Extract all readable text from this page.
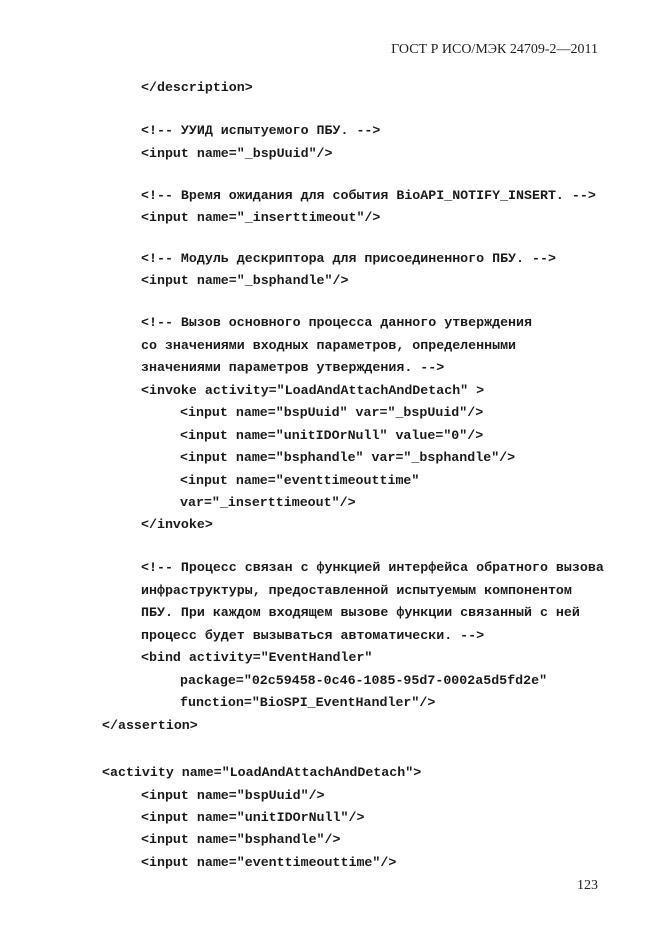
ГОСТ Р ИСО/МЭК 24709-2—2011
</description>
<!-- УУИД испытуемого ПБУ. -->
<input name="_bspUuid"/>
<!-- Время ожидания для события BioAPI_NOTIFY_INSERT. -->
<input name="_inserttimeout"/>
<!-- Модуль дескриптора для присоединенного ПБУ. -->
<input name="_bsphandle"/>
<!-- Вызов основного процесса данного утверждения
со значениями входных параметров, определенными
значениями параметров утверждения. -->
<invoke activity="LoadAndAttachAndDetach" >
<input name="bspUuid" var="_bspUuid"/>
<input name="unitIDOrNull" value="0"/>
<input name="bsphandle" var="_bsphandle"/>
<input name="eventtimeouttime"
var="_inserttimeout"/>
</invoke>
<!-- Процесс связан с функцией интерфейса обратного вызова
инфраструктуры, предоставленной испытуемым компонентом
ПБУ. При каждом входящем вызове функции связанный с ней
процесс будет вызываться автоматически. -->
<bind activity="EventHandler"
package="02c59458-0c46-1085-95d7-0002a5d5fd2e"
function="BioSPI_EventHandler"/>
</assertion>
<activity name="LoadAndAttachAndDetach">
<input name="bspUuid"/>
<input name="unitIDOrNull"/>
<input name="bsphandle"/>
<input name="eventtimeouttime"/>
123
